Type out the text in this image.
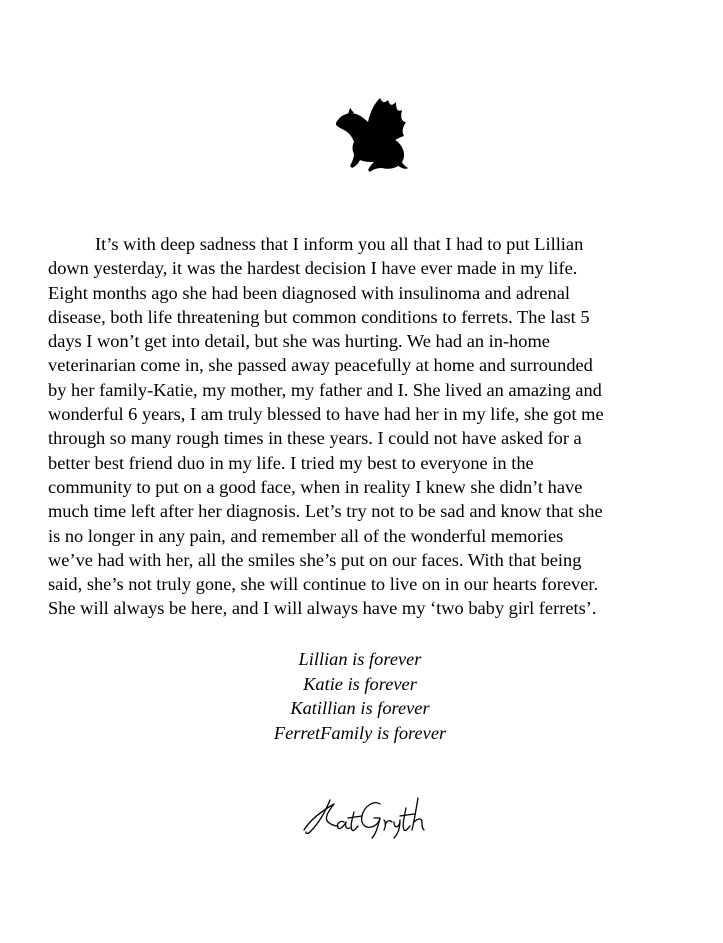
It’s with deep sadness that I inform you all that I had to put Lillian
down yesterday, it was the hardest decision I have ever made in my life.
Eight months ago she had been diagnosed with insulinoma and adrenal
disease, both life threatening but common conditions to ferrets. The last 5
days I won’t get into detail, but she was hurting. We had an in-home
veterinarian come in, she passed away peacefully at home and surrounded
by her family-Katie, my mother, my father and I. She lived an amazing and
wonderful 6 years, I am truly blessed to have had her in my life, she got me
through so many rough times in these years. I could not have asked for a
better best friend duo in my life. I tried my best to everyone in the
community to put on a good face, when in reality I knew she didn’t have
much time left after her diagnosis. Let’s try not to be sad and know that she
is no longer in any pain, and remember all of the wonderful memories
we’ve had with her, all the smiles she’s put on our faces. With that being
said, she’s not truly gone, she will continue to live on in our hearts forever.
She will always be here, and I will always have my ‘two baby girl ferrets’.
Lillian is forever
Katie is forever
Katillian is forever
FerretFamily is forever
